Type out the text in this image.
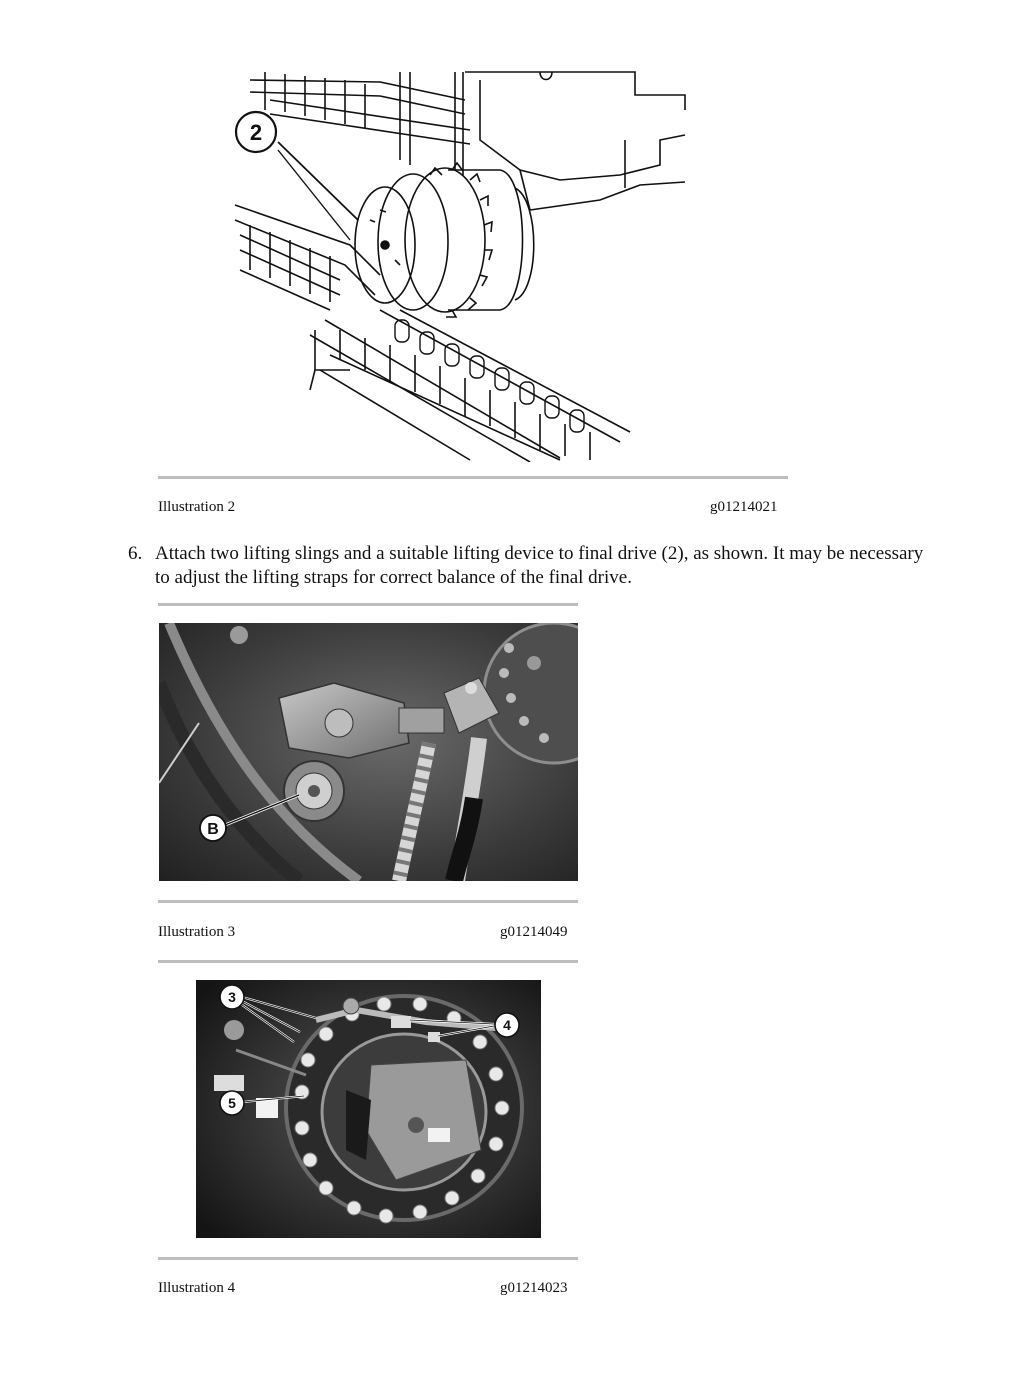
2
Illustration 2	g01214021
6. Attach two lifting slings and a suitable lifting device to final drive (2), as shown. It may be necessary to adjust the lifting straps for correct balance of the final drive.
B
Illustration 3	g01214049
3
4
5
Illustration 4	g01214023
